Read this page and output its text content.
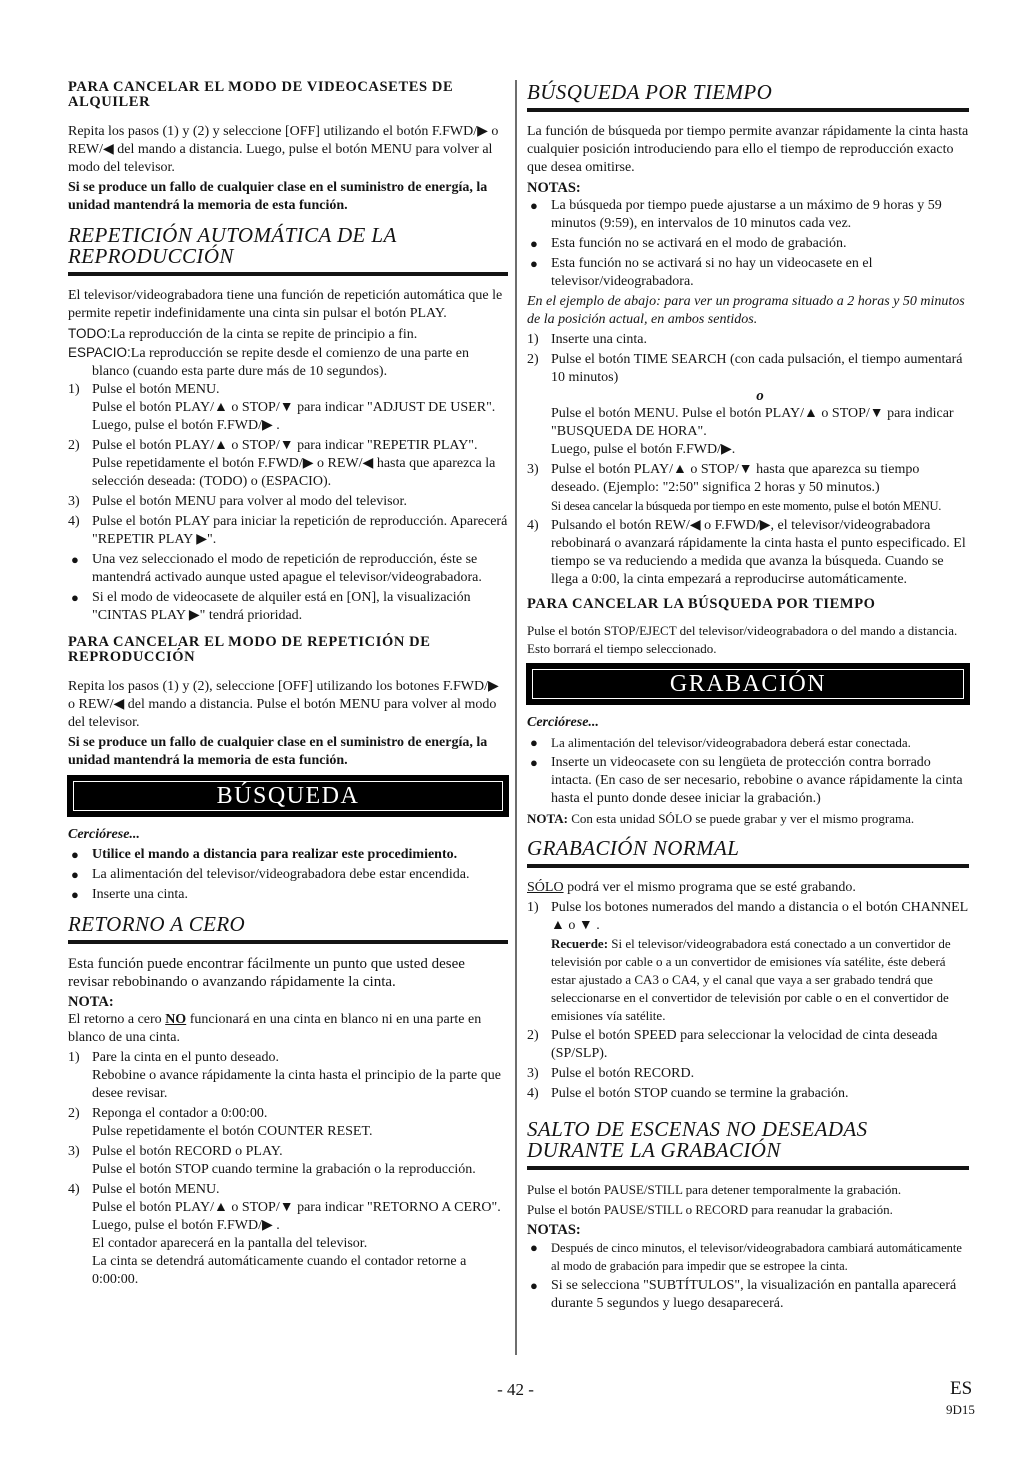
PARA CANCELAR EL MODO DE VIDEOCASETES DE ALQUILER

Repita los pasos (1) y (2) y seleccione [OFF] utilizando el botón F.FWD/▶ o REW/◀ del mando a distancia. Luego, pulse el botón MENU para volver al modo del televisor.

Si se produce un fallo de cualquier clase en el suministro de energía, la unidad mantendrá la memoria de esta función.

REPETICIÓN AUTOMÁTICA DE LA REPRODUCCIÓN

El televisor/videograbadora tiene una función de repetición automática que le permite repetir indefinidamente una cinta sin pulsar el botón PLAY.

TODO:La reproducción de la cinta se repite de principio a fin.

ESPACIO:La reproducción se repite desde el comienzo de una parte en blanco (cuando esta parte dure más de 10 segundos).

1) Pulse el botón MENU.
Pulse el botón PLAY/▲ o STOP/▼ para indicar "ADJUST DE USER".
Luego, pulse el botón F.FWD/▶ .
2) Pulse el botón PLAY/▲ o STOP/▼ para indicar "REPETIR PLAY".
Pulse repetidamente el botón F.FWD/▶ o REW/◀ hasta que aparezca la selección deseada: (TODO) o (ESPACIO).
3) Pulse el botón MENU para volver al modo del televisor.
4) Pulse el botón PLAY para iniciar la repetición de reproducción. Aparecerá "REPETIR PLAY ▶".
● Una vez seleccionado el modo de repetición de reproducción, éste se mantendrá activado aunque usted apague el televisor/videograbadora.
● Si el modo de videocasete de alquiler está en [ON], la visualización "CINTAS PLAY ▶" tendrá prioridad.
PARA CANCELAR EL MODO DE REPETICIÓN DE REPRODUCCIÓN

Repita los pasos (1) y (2), seleccione [OFF] utilizando los botones F.FWD/▶ o REW/◀ del mando a distancia. Pulse el botón MENU para volver al modo del televisor.

Si se produce un fallo de cualquier clase en el suministro de energía, la unidad mantendrá la memoria de esta función.

BÚSQUEDA

Cerciórese...

● Utilice el mando a distancia para realizar este procedimiento.
● La alimentación del televisor/videograbadora debe estar encendida.
● Inserte una cinta.
RETORNO A CERO

Esta función puede encontrar fácilmente un punto que usted desee revisar rebobinando o avanzando rápidamente la cinta.

NOTA:

El retorno a cero NO funcionará en una cinta en blanco ni en una parte en blanco de una cinta.

1) Pare la cinta en el punto deseado.
Rebobine o avance rápidamente la cinta hasta el principio de la parte que desee revisar.
2) Reponga el contador a 0:00:00.
Pulse repetidamente el botón COUNTER RESET.
3) Pulse el botón RECORD o PLAY.
Pulse el botón STOP cuando termine la grabación o la reproducción.
4) Pulse el botón MENU.
Pulse el botón PLAY/▲ o STOP/▼ para indicar "RETORNO A CERO".
Luego, pulse el botón F.FWD/▶ .
El contador aparecerá en la pantalla del televisor.
La cinta se detendrá automáticamente cuando el contador retorne a 0:00:00.
BÚSQUEDA POR TIEMPO

La función de búsqueda por tiempo permite avanzar rápidamente la cinta hasta cualquier posición introduciendo para ello el tiempo de reproducción exacto que desea omitirse.

NOTAS:

● La búsqueda por tiempo puede ajustarse a un máximo de 9 horas y 59 minutos (9:59), en intervalos de 10 minutos cada vez.
● Esta función no se activará en el modo de grabación.
● Esta función no se activará si no hay un videocasete en el televisor/videograbadora.

En el ejemplo de abajo: para ver un programa situado a 2 horas y 50 minutos de la posición actual, en ambos sentidos.

1) Inserte una cinta.
2) Pulse el botón TIME SEARCH (con cada pulsación, el tiempo aumentará 10 minutos)
o
Pulse el botón MENU. Pulse el botón PLAY/▲ o STOP/▼ para indicar "BUSQUEDA DE HORA".
Luego, pulse el botón F.FWD/▶.
3) Pulse el botón PLAY/▲ o STOP/▼ hasta que aparezca su tiempo deseado. (Ejemplo: "2:50" significa 2 horas y 50 minutos.)
Si desea cancelar la búsqueda por tiempo en este momento, pulse el botón MENU.
4) Pulsando el botón REW/◀ o F.FWD/▶, el televisor/videograbadora rebobinará o avanzará rápidamente la cinta hasta el punto especificado. El tiempo se va reduciendo a medida que avanza la búsqueda. Cuando se llega a 0:00, la cinta empezará a reproducirse automáticamente.
PARA CANCELAR LA BÚSQUEDA POR TIEMPO

Pulse el botón STOP/EJECT del televisor/videograbadora o del mando a distancia. Esto borrará el tiempo seleccionado.

GRABACIÓN

Cerciórese...

● La alimentación del televisor/videograbadora deberá estar conectada.
● Inserte un videocasete con su lengüeta de protección contra borrado intacta. (En caso de ser necesario, rebobine o avance rápidamente la cinta hasta el punto donde desee iniciar la grabación.)

NOTA: Con esta unidad SÓLO se puede grabar y ver el mismo programa.

GRABACIÓN NORMAL

SÓLO podrá ver el mismo programa que se esté grabando.

1) Pulse los botones numerados del mando a distancia o el botón CHANNEL ▲ o ▼ .
Recuerde: Si el televisor/videograbadora está conectado a un convertidor de televisión por cable o a un convertidor de emisiones vía satélite, éste deberá estar ajustado a CA3 o CA4, y el canal que vaya a ser grabado tendrá que seleccionarse en el convertidor de televisión por cable o en el convertidor de emisiones vía satélite.
2) Pulse el botón SPEED para seleccionar la velocidad de cinta deseada (SP/SLP).
3) Pulse el botón RECORD.
4) Pulse el botón STOP cuando se termine la grabación.
SALTO DE ESCENAS NO DESEADAS DURANTE LA GRABACIÓN

Pulse el botón PAUSE/STILL para detener temporalmente la grabación.

Pulse el botón PAUSE/STILL o RECORD para reanudar la grabación.

NOTAS:

● Después de cinco minutos, el televisor/videograbadora cambiará automáticamente al modo de grabación para impedir que se estropee la cinta.
● Si se selecciona "SUBTÍTULOS", la visualización en pantalla aparecerá durante 5 segundos y luego desaparecerá.
- 42 -	ES
9D15
